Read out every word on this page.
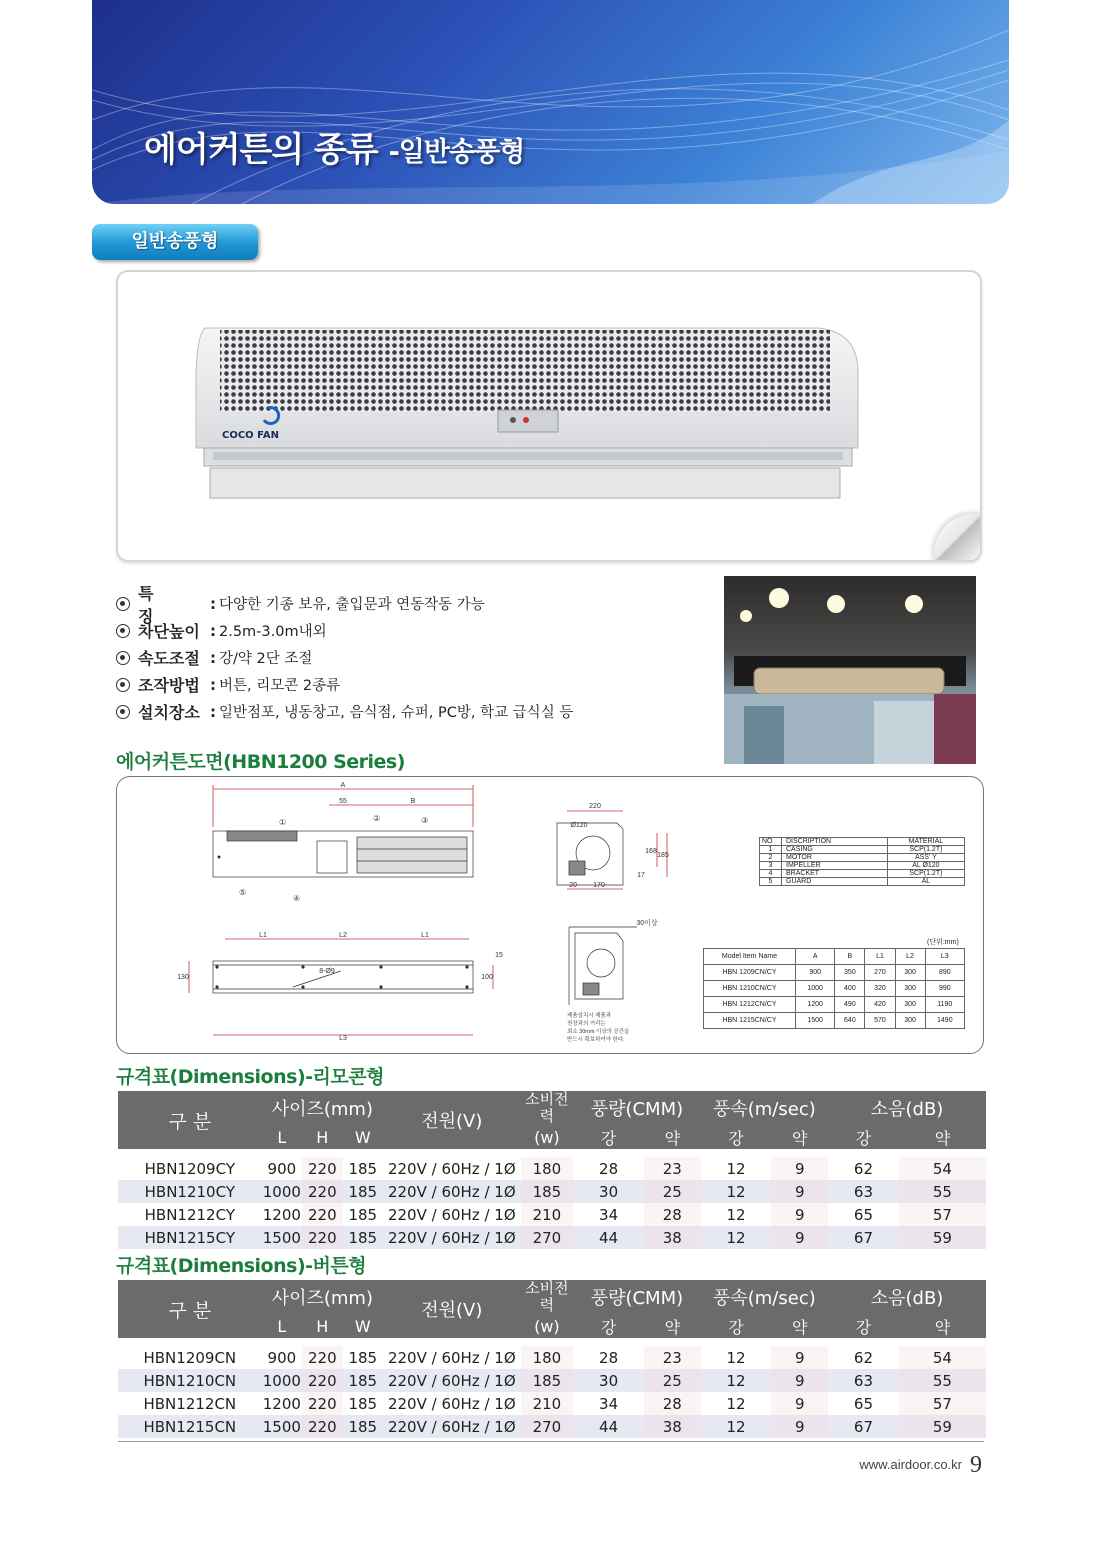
에어커튼의 종류 -일반송풍형
일반송풍형
COCO FAN
특 징
: 다양한 기종 보유, 출입문과 연동작동 가능
차단높이 : 2.5m-3.0m내외
속도조절 : 강/약 2단 조절
조작방법 : 버튼, 리모콘 2종류
설치장소 : 일반점포, 냉동창고, 음식점, 슈퍼, PC방, 학교 급식실 등
에어커튼도면(HBN1200 Series)
A
55	B
L1	L2	L1
L3
8-Ø9
130	100
15
220
Ø120
168
185
17
20 170
30이상
①	②	③
④
⑤
제품설치시 제품과
천장과의 거리는
최소 30mm 이상의 공간을
반드시 확보하여야 한다.
NO	DISCRIPTION	MATERIAL
1	CASING	SCP(1.2T)
2	MOTOR	ASS' Y
3	IMPELLER	AL Ø120
4	BRACKET	SCP(1.2T)
5	GUARD	AL
(단위:mm)
Model Item Name	A	B	L1	L2	L3
HBN 1209CN/CY	900	350	270	300	890
HBN 1210CN/CY	1000	400	320	300	990
HBN 1212CN/CY	1200	490	420	300	1190
HBN 1215CN/CY	1500	640	570	300	1490
규격표(Dimensions)-리모콘형
구 분	사이즈(mm)			전원(V)	소비전력	풍량(CMM)		풍속(m/sec)		소음(dB)	
	L	H	W		(w)	강	약	강	약	강	약

HBN1209CY	900	220	185	220V / 60Hz / 1Ø	180	28	23	12	9	62	54
HBN1210CY	1000	220	185	220V / 60Hz / 1Ø	185	30	25	12	9	63	55
HBN1212CY	1200	220	185	220V / 60Hz / 1Ø	210	34	28	12	9	65	57
HBN1215CY	1500	220	185	220V / 60Hz / 1Ø	270	44	38	12	9	67	59
규격표(Dimensions)-버튼형
구 분	사이즈(mm)			전원(V)	소비전력	풍량(CMM)		풍속(m/sec)		소음(dB)	
	L	H	W		(w)	강	약	강	약	강	약

HBN1209CN	900	220	185	220V / 60Hz / 1Ø	180	28	23	12	9	62	54
HBN1210CN	1000	220	185	220V / 60Hz / 1Ø	185	30	25	12	9	63	55
HBN1212CN	1200	220	185	220V / 60Hz / 1Ø	210	34	28	12	9	65	57
HBN1215CN	1500	220	185	220V / 60Hz / 1Ø	270	44	38	12	9	67	59
www.airdoor.co.kr 9
